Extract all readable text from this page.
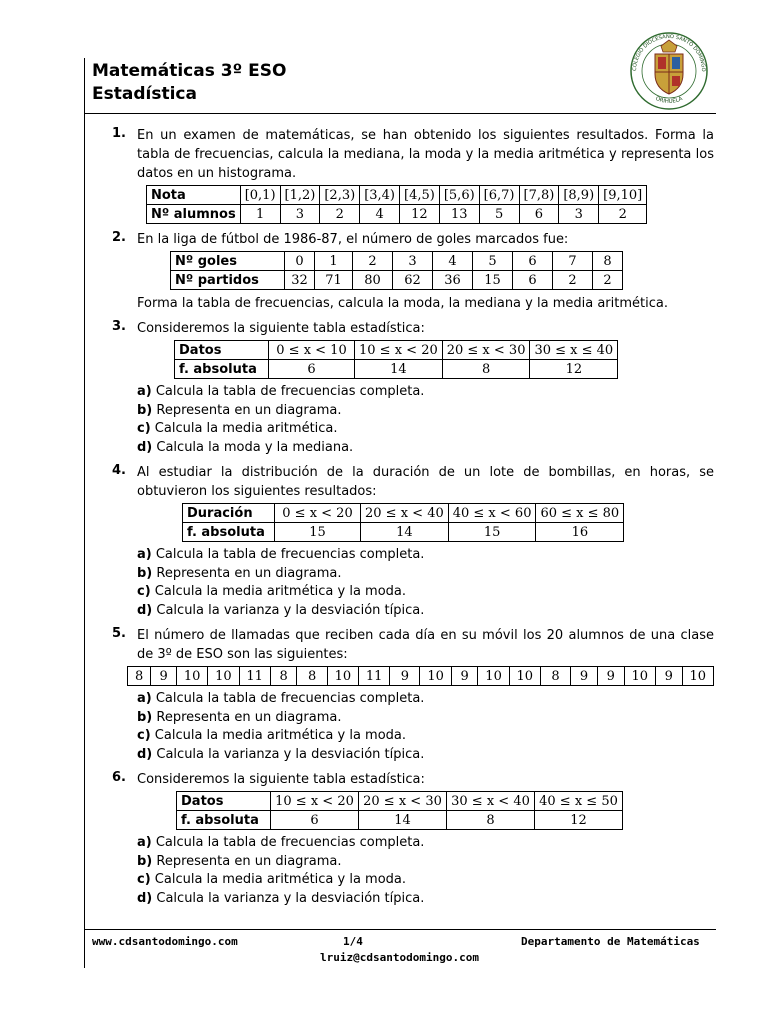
Matemáticas 3º ESO
Estadística
COLEGIO DIOCESANO SANTO DOMINGO
ORIHUELA
1. En un examen de matemáticas, se han obtenido los siguientes resultados. Forma la tabla de frecuencias, calcula la mediana, la moda y la media aritmética y representa los datos en un histograma.
Nota	[0,1)	[1,2)	[2,3)	[3,4)	[4,5)	[5,6)	[6,7)	[7,8)	[8,9)	[9,10]
Nº alumnos	1	3	2	4	12	13	5	6	3	2
2. En la liga de fútbol de 1986-87, el número de goles marcados fue:
Nº goles	0	1	2	3	4	5	6	7	8
Nº partidos	32	71	80	62	36	15	6	2	2
Forma la tabla de frecuencias, calcula la moda, la mediana y la media aritmética.
3. Consideremos la siguiente tabla estadística:
Datos	0 ≤ x < 10	10 ≤ x < 20	20 ≤ x < 30	30 ≤ x ≤ 40
f. absoluta	6	14	8	12
a) Calcula la tabla de frecuencias completa.
b) Representa en un diagrama.
c) Calcula la media aritmética.
d) Calcula la moda y la mediana.
4. Al estudiar la distribución de la duración de un lote de bombillas, en horas, se obtuvieron los siguientes resultados:
Duración	0 ≤ x < 20	20 ≤ x < 40	40 ≤ x < 60	60 ≤ x ≤ 80
f. absoluta	15	14	15	16
a) Calcula la tabla de frecuencias completa.
b) Representa en un diagrama.
c) Calcula la media aritmética y la moda.
d) Calcula la varianza y la desviación típica.
5. El número de llamadas que reciben cada día en su móvil los 20 alumnos de una clase de 3º de ESO son las siguientes:
8	9	10	10	11	8	8	10	11	9	10	9	10	10	8	9	9	10	9	10
a) Calcula la tabla de frecuencias completa.
b) Representa en un diagrama.
c) Calcula la media aritmética y la moda.
d) Calcula la varianza y la desviación típica.
6. Consideremos la siguiente tabla estadística:
Datos	10 ≤ x < 20	20 ≤ x < 30	30 ≤ x < 40	40 ≤ x ≤ 50
f. absoluta	6	14	8	12
a) Calcula la tabla de frecuencias completa.
b) Representa en un diagrama.
c) Calcula la media aritmética y la moda.
d) Calcula la varianza y la desviación típica.
www.cdsantodomingo.com	1/4	Departamento de Matemáticas
lruiz@cdsantodomingo.com
